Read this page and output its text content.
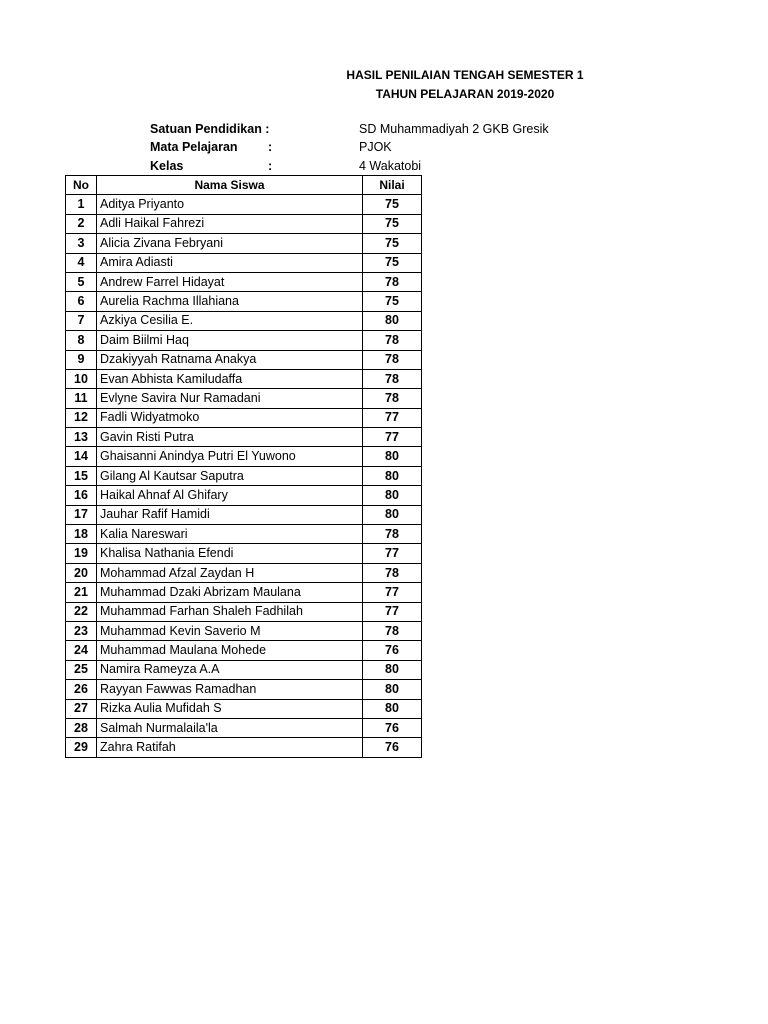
HASIL PENILAIAN TENGAH SEMESTER 1
TAHUN PELAJARAN 2019-2020
Satuan Pendidikan :	SD Muhammadiyah 2 GKB Gresik
Mata Pelajaran :	PJOK
Kelas	:	4 Wakatobi
No	Nama Siswa	Nilai
1	Aditya Priyanto	75
2	Adli Haikal Fahrezi	75
3	Alicia Zivana Febryani	75
4	Amira Adiasti	75
5	Andrew Farrel Hidayat	78
6	Aurelia Rachma Illahiana	75
7	Azkiya Cesilia E.	80
8	Daim Biilmi Haq	78
9	Dzakiyyah Ratnama Anakya	78
10	Evan Abhista Kamiludaffa	78
11	Evlyne Savira Nur Ramadani	78
12	Fadli Widyatmoko	77
13	Gavin Risti Putra	77
14	Ghaisanni Anindya Putri El Yuwono	80
15	Gilang Al Kautsar Saputra	80
16	Haikal Ahnaf Al Ghifary	80
17	Jauhar Rafif Hamidi	80
18	Kalia Nareswari	78
19	Khalisa Nathania Efendi	77
20	Mohammad Afzal Zaydan H	78
21	Muhammad Dzaki Abrizam Maulana	77
22	Muhammad Farhan Shaleh Fadhilah	77
23	Muhammad Kevin Saverio M	78
24	Muhammad Maulana Mohede	76
25	Namira Rameyza A.A	80
26	Rayyan Fawwas Ramadhan	80
27	Rizka Aulia Mufidah S	80
28	Salmah Nurmalaila'la	76
29	Zahra Ratifah	76
